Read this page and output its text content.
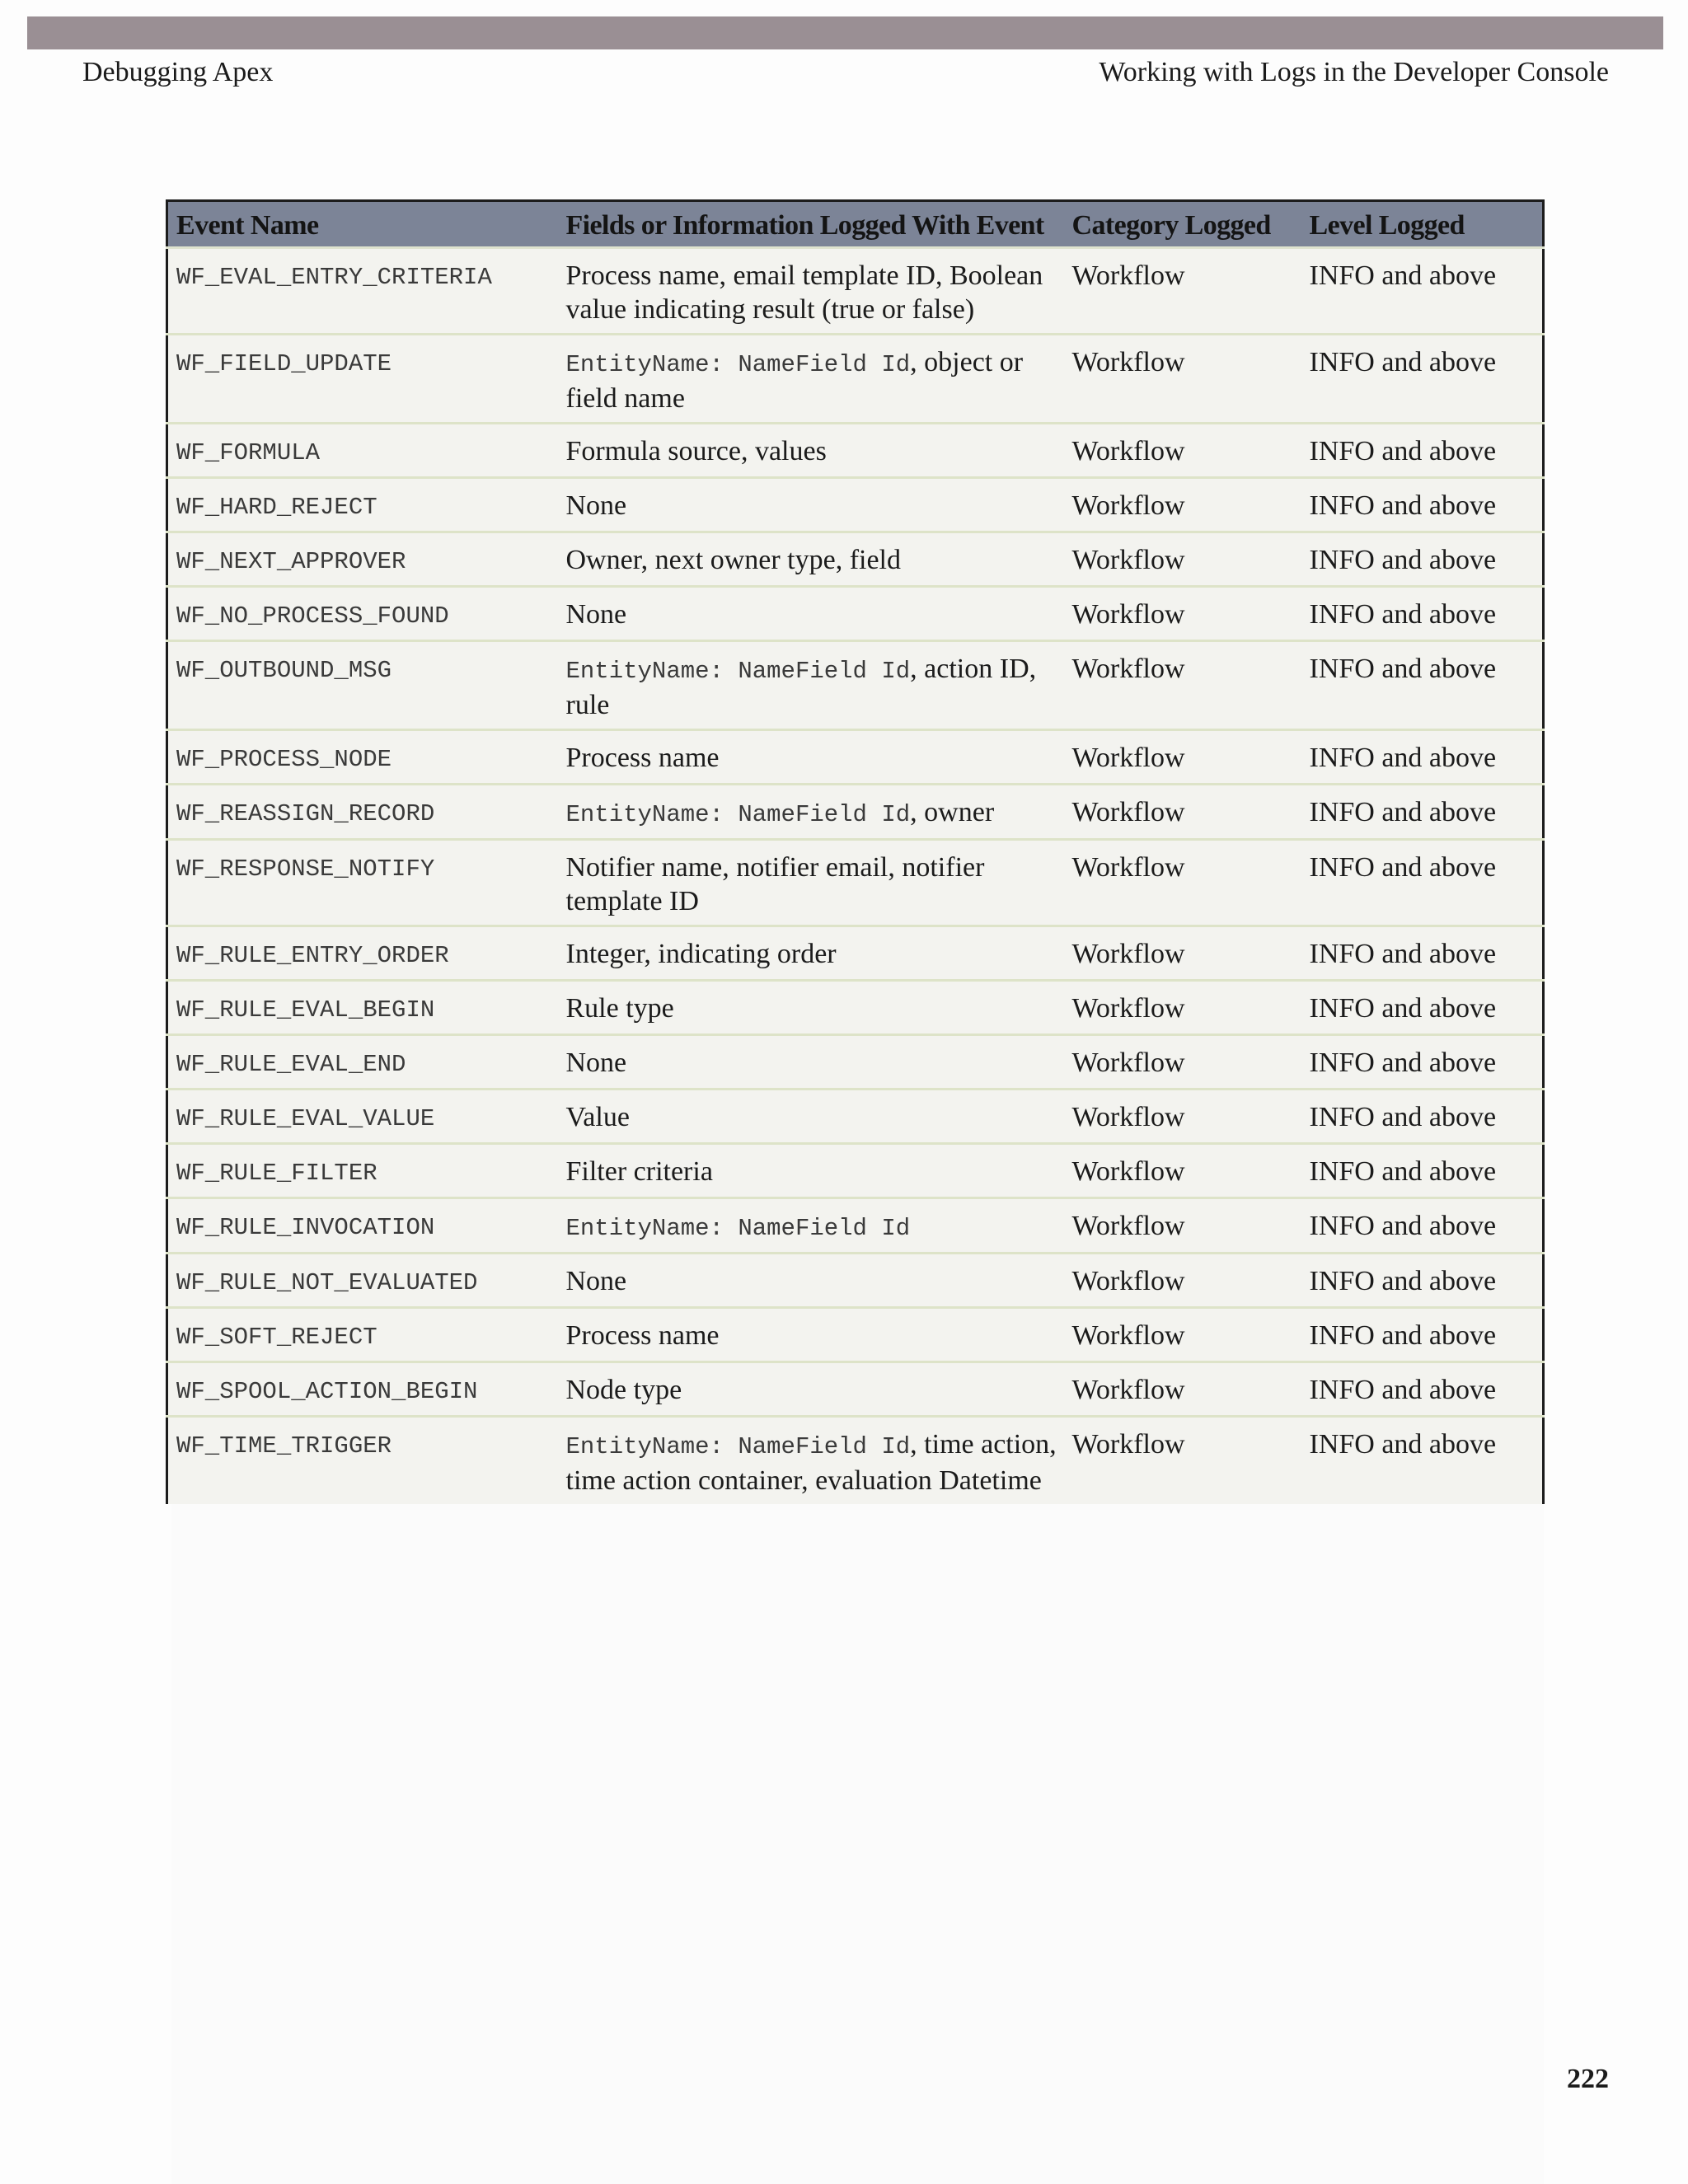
Debugging Apex	Working with Logs in the Developer Console
Event Name	Fields or Information Logged With Event	Category Logged	Level Logged
WF_EVAL_ENTRY_CRITERIA	Process name, email template ID, Boolean value indicating result (true or false)	Workflow	INFO and above
WF_FIELD_UPDATE	EntityName: NameField Id, object or field name	Workflow	INFO and above
WF_FORMULA	Formula source, values	Workflow	INFO and above
WF_HARD_REJECT	None	Workflow	INFO and above
WF_NEXT_APPROVER	Owner, next owner type, field	Workflow	INFO and above
WF_NO_PROCESS_FOUND	None	Workflow	INFO and above
WF_OUTBOUND_MSG	EntityName: NameField Id, action ID, rule	Workflow	INFO and above
WF_PROCESS_NODE	Process name	Workflow	INFO and above
WF_REASSIGN_RECORD	EntityName: NameField Id, owner	Workflow	INFO and above
WF_RESPONSE_NOTIFY	Notifier name, notifier email, notifier template ID	Workflow	INFO and above
WF_RULE_ENTRY_ORDER	Integer, indicating order	Workflow	INFO and above
WF_RULE_EVAL_BEGIN	Rule type	Workflow	INFO and above
WF_RULE_EVAL_END	None	Workflow	INFO and above
WF_RULE_EVAL_VALUE	Value	Workflow	INFO and above
WF_RULE_FILTER	Filter criteria	Workflow	INFO and above
WF_RULE_INVOCATION	EntityName: NameField Id	Workflow	INFO and above
WF_RULE_NOT_EVALUATED	None	Workflow	INFO and above
WF_SOFT_REJECT	Process name	Workflow	INFO and above
WF_SPOOL_ACTION_BEGIN	Node type	Workflow	INFO and above
WF_TIME_TRIGGER	EntityName: NameField Id, time action, time action container, evaluation Datetime	Workflow	INFO and above
222
